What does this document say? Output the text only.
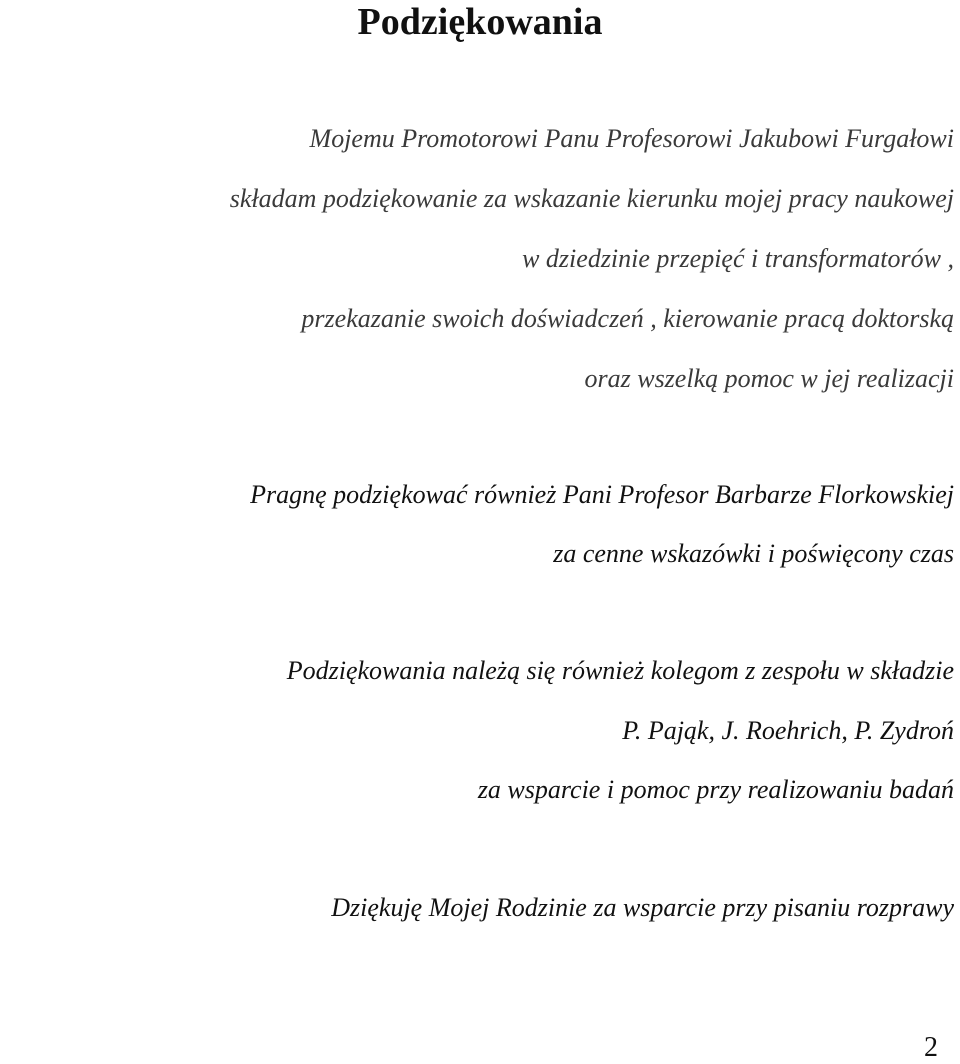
Podziękowania
Mojemu Promotorowi Panu Profesorowi Jakubowi Furgałowi
składam podziękowanie za wskazanie kierunku mojej pracy naukowej
w dziedzinie przepięć i transformatorów ,
przekazanie swoich doświadczeń , kierowanie pracą doktorską
oraz wszelką pomoc w jej realizacji
Pragnę podziękować również Pani Profesor Barbarze Florkowskiej
za cenne wskazówki i poświęcony czas
Podziękowania należą się również kolegom z zespołu w składzie
P. Pająk, J. Roehrich, P. Zydroń
za wsparcie i pomoc przy realizowaniu badań
Dziękuję Mojej Rodzinie za wsparcie przy pisaniu rozprawy
2
